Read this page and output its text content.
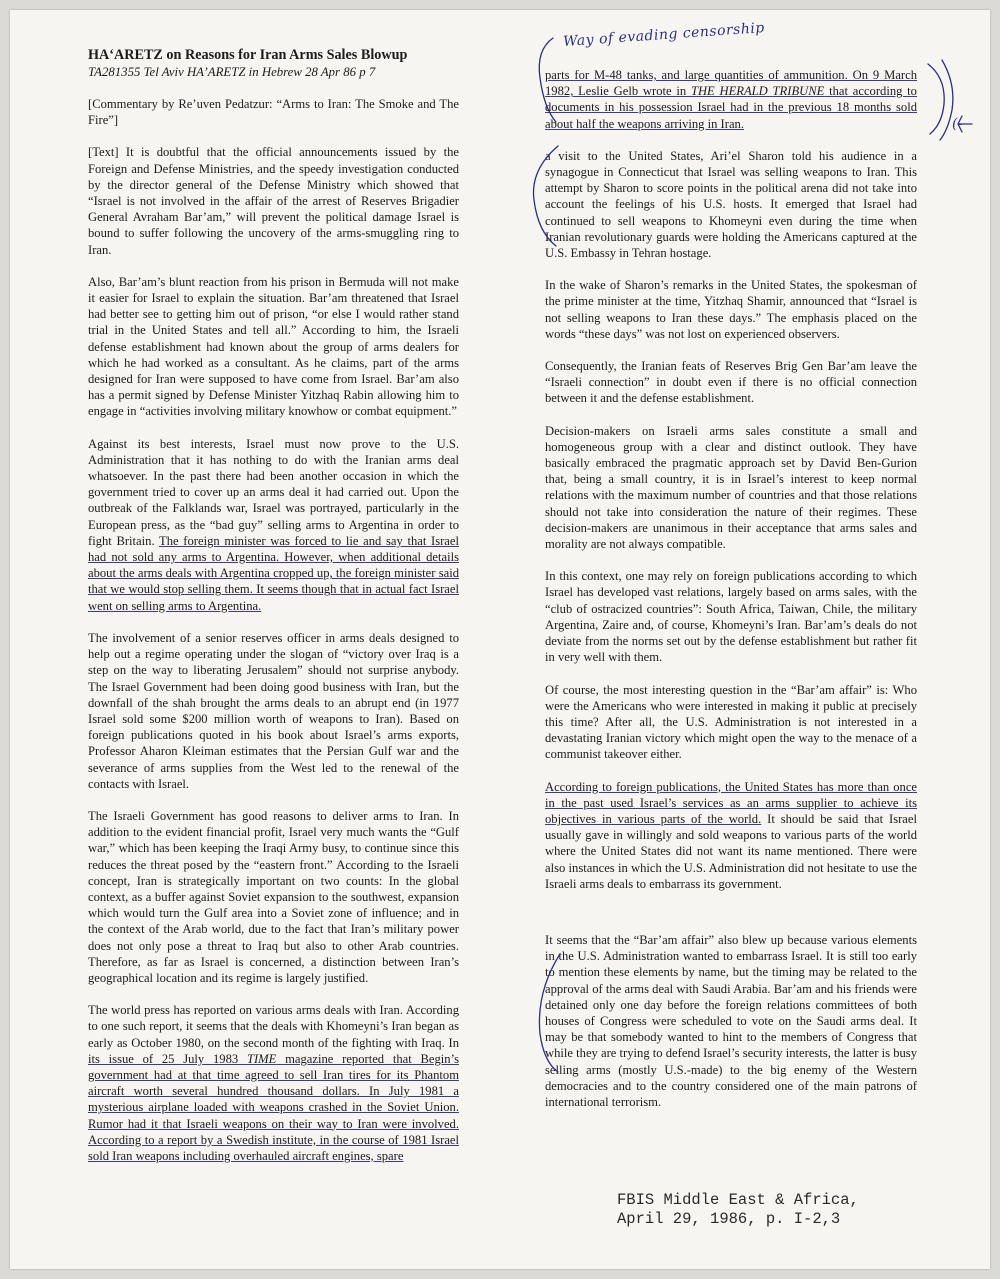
HA‘ARETZ on Reasons for Iran Arms Sales Blowup

TA281355 Tel Aviv HA’ARETZ in Hebrew 28 Apr 86 p 7

[Commentary by Re’uven Pedatzur: “Arms to Iran: The Smoke and The Fire”]

[Text] It is doubtful that the official announcements issued by the Foreign and Defense Ministries, and the speedy investigation conducted by the director general of the Defense Ministry which showed that “Israel is not involved in the affair of the arrest of Reserves Brigadier General Avraham Bar’am,” will prevent the political damage Israel is bound to suffer following the uncovery of the arms-smuggling ring to Iran.

Also, Bar’am’s blunt reaction from his prison in Bermuda will not make it easier for Israel to explain the situation. Bar’am threatened that Israel had better see to getting him out of prison, “or else I would rather stand trial in the United States and tell all.” According to him, the Israeli defense establishment had known about the group of arms dealers for which he had worked as a consultant. As he claims, part of the arms designed for Iran were supposed to have come from Israel. Bar’am also has a permit signed by Defense Minister Yitzhaq Rabin allowing him to engage in “activities involving military knowhow or combat equipment.”

Against its best interests, Israel must now prove to the U.S. Administration that it has nothing to do with the Iranian arms deal whatsoever. In the past there had been another occasion in which the government tried to cover up an arms deal it had carried out. Upon the outbreak of the Falklands war, Israel was portrayed, particularly in the European press, as the “bad guy” selling arms to Argentina in order to fight Britain. The foreign minister was forced to lie and say that Israel had not sold any arms to Argentina. However, when additional details about the arms deals with Argentina cropped up, the foreign minister said that we would stop selling them. It seems though that in actual fact Israel went on selling arms to Argentina.

The involvement of a senior reserves officer in arms deals designed to help out a regime operating under the slogan of “victory over Iraq is a step on the way to liberating Jerusalem” should not surprise anybody. The Israel Government had been doing good business with Iran, but the downfall of the shah brought the arms deals to an abrupt end (in 1977 Israel sold some $200 million worth of weapons to Iran). Based on foreign publications quoted in his book about Israel’s arms exports, Professor Aharon Kleiman estimates that the Persian Gulf war and the severance of arms supplies from the West led to the renewal of the contacts with Israel.

The Israeli Government has good reasons to deliver arms to Iran. In addition to the evident financial profit, Israel very much wants the “Gulf war,” which has been keeping the Iraqi Army busy, to continue since this reduces the threat posed by the “eastern front.” According to the Israeli concept, Iran is strategically important on two counts: In the global context, as a buffer against Soviet expansion to the southwest, expansion which would turn the Gulf area into a Soviet zone of influence; and in the context of the Arab world, due to the fact that Iran’s military power does not only pose a threat to Iraq but also to other Arab countries. Therefore, as far as Israel is concerned, a distinction between Iran’s geographical location and its regime is largely justified.

The world press has reported on various arms deals with Iran. According to one such report, it seems that the deals with Khomeyni’s Iran began as early as October 1980, on the second month of the fighting with Iraq. In its issue of 25 July 1983 TIME magazine reported that Begin’s government had at that time agreed to sell Iran tires for its Phantom aircraft worth several hundred thousand dollars. In July 1981 a mysterious airplane loaded with weapons crashed in the Soviet Union. Rumor had it that Israeli weapons on their way to Iran were involved. According to a report by a Swedish institute, in the course of 1981 Israel sold Iran weapons including overhauled aircraft engines, spare

parts for M-48 tanks, and large quantities of ammunition. On 9 March 1982, Leslie Gelb wrote in THE HERALD TRIBUNE that according to documents in his possession Israel had in the previous 18 months sold about half the weapons arriving in Iran.

a visit to the United States, Ari’el Sharon told his audience in a synagogue in Connecticut that Israel was selling weapons to Iran. This attempt by Sharon to score points in the political arena did not take into account the feelings of his U.S. hosts. It emerged that Israel had continued to sell weapons to Khomeyni even during the time when Iranian revolutionary guards were holding the Americans captured at the U.S. Embassy in Tehran hostage.

In the wake of Sharon’s remarks in the United States, the spokesman of the prime minister at the time, Yitzhaq Shamir, announced that “Israel is not selling weapons to Iran these days.” The emphasis placed on the words “these days” was not lost on experienced observers.

Consequently, the Iranian feats of Reserves Brig Gen Bar’am leave the “Israeli connection” in doubt even if there is no official connection between it and the defense establishment.

Decision-makers on Israeli arms sales constitute a small and homogeneous group with a clear and distinct outlook. They have basically embraced the pragmatic approach set by David Ben-Gurion that, being a small country, it is in Israel’s interest to keep normal relations with the maximum number of countries and that those relations should not take into consideration the nature of their regimes. These decision-makers are unanimous in their acceptance that arms sales and morality are not always compatible.

In this context, one may rely on foreign publications according to which Israel has developed vast relations, largely based on arms sales, with the “club of ostracized countries”: South Africa, Taiwan, Chile, the military Argentina, Zaire and, of course, Khomeyni’s Iran. Bar’am’s deals do not deviate from the norms set out by the defense establishment but rather fit in very well with them.

Of course, the most interesting question in the “Bar’am affair” is: Who were the Americans who were interested in making it public at precisely this time? After all, the U.S. Administration is not interested in a devastating Iranian victory which might open the way to the menace of a communist takeover either.

According to foreign publications, the United States has more than once in the past used Israel’s services as an arms supplier to achieve its objectives in various parts of the world. It should be said that Israel usually gave in willingly and sold weapons to various parts of the world where the United States did not want its name mentioned. There were also instances in which the U.S. Administration did not hesitate to use the Israeli arms deals to embarrass its government.

It seems that the “Bar’am affair” also blew up because various elements in the U.S. Administration wanted to embarrass Israel. It is still too early to mention these elements by name, but the timing may be related to the approval of the arms deal with Saudi Arabia. Bar’am and his friends were detained only one day before the foreign relations committees of both houses of Congress were scheduled to vote on the Saudi arms deal. It may be that somebody wanted to hint to the members of Congress that while they are trying to defend Israel’s security interests, the latter is busy selling arms (mostly U.S.-made) to the big enemy of the Western democracies and to the country considered one of the main patrons of international terrorism.

Way of evading censorship
FBIS Middle East & Africa,
April 29, 1986, p. I-2,3
(-
